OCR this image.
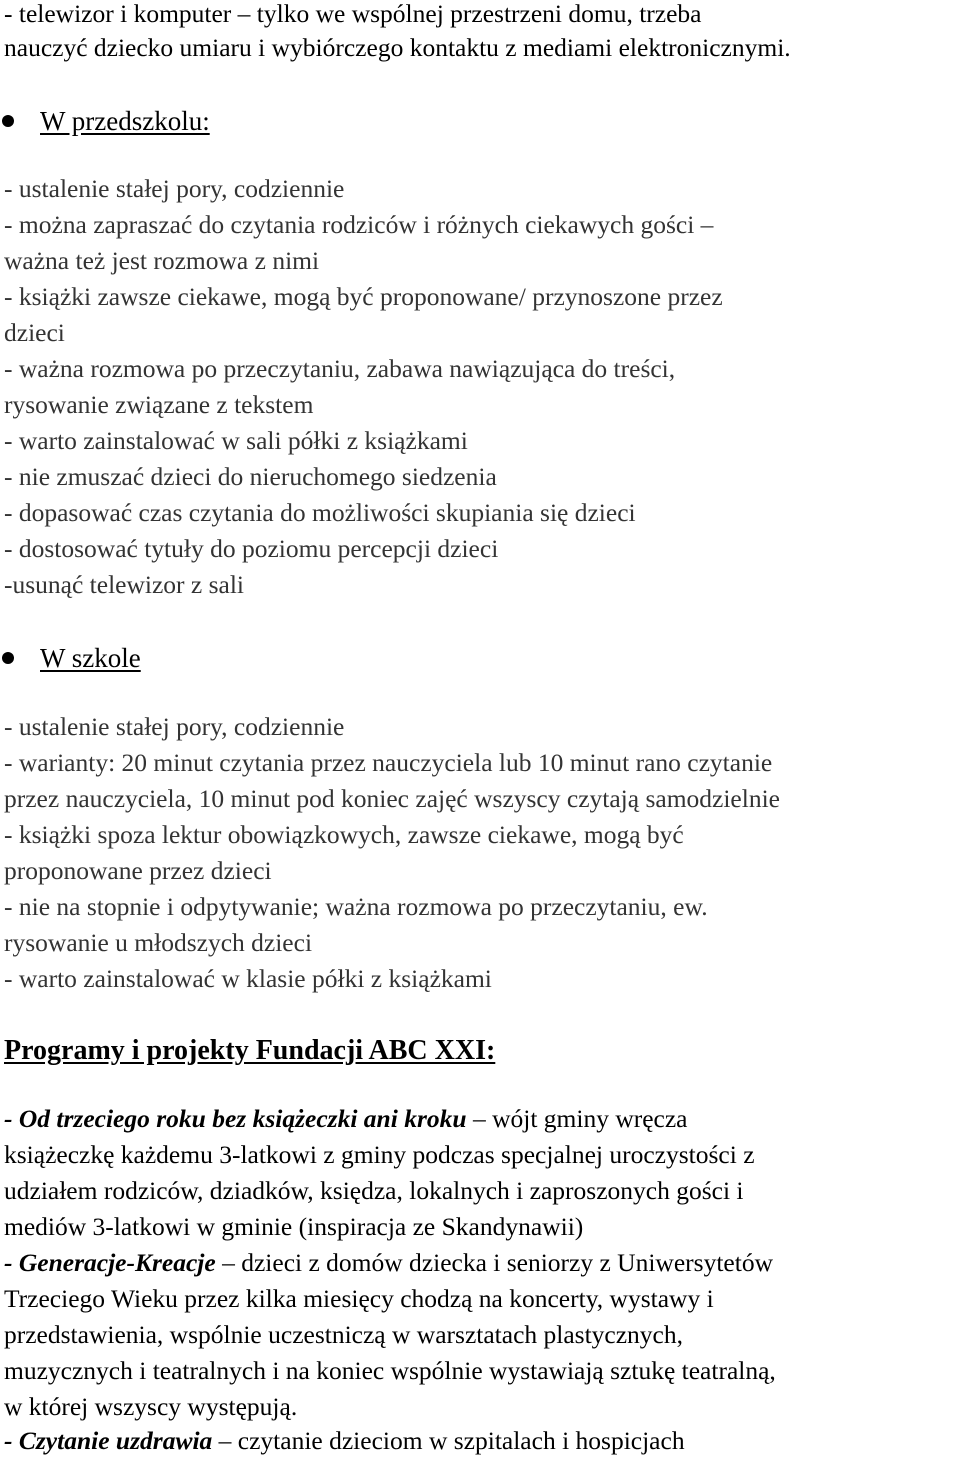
- telewizor i komputer – tylko we wspólnej przestrzeni domu, trzeba
nauczyć dziecko umiaru i wybiórczego kontaktu z mediami elektronicznymi.
W przedszkolu:
- ustalenie stałej pory, codziennie
- można zapraszać do czytania rodziców i różnych ciekawych gości –
ważna też jest rozmowa z nimi
- książki zawsze ciekawe, mogą być proponowane/ przynoszone przez
dzieci
- ważna rozmowa po przeczytaniu, zabawa nawiązująca do treści,
rysowanie związane z tekstem
- warto zainstalować w sali półki z książkami
- nie zmuszać dzieci do nieruchomego siedzenia
- dopasować czas czytania do możliwości skupiania się dzieci
- dostosować tytuły do poziomu percepcji dzieci
-usunąć telewizor z sali
W szkole
- ustalenie stałej pory, codziennie
- warianty: 20 minut czytania przez nauczyciela lub 10 minut rano czytanie
przez nauczyciela, 10 minut pod koniec zajęć wszyscy czytają samodzielnie
- książki spoza lektur obowiązkowych, zawsze ciekawe, mogą być
proponowane przez dzieci
- nie na stopnie i odpytywanie; ważna rozmowa po przeczytaniu, ew.
rysowanie u młodszych dzieci
- warto zainstalować w klasie półki z książkami
Programy i projekty Fundacji ABC XXI:
- Od trzeciego roku bez książeczki ani kroku – wójt gminy wręcza
książeczkę każdemu 3-latkowi z gminy podczas specjalnej uroczystości z
udziałem rodziców, dziadków, księdza, lokalnych i zaproszonych gości i
mediów 3-latkowi w gminie (inspiracja ze Skandynawii)
- Generacje-Kreacje – dzieci z domów dziecka i seniorzy z Uniwersytetów
Trzeciego Wieku przez kilka miesięcy chodzą na koncerty, wystawy i
przedstawienia, wspólnie uczestniczą w warsztatach plastycznych,
muzycznych i teatralnych i na koniec wspólnie wystawiają sztukę teatralną,
w której wszyscy występują.
- Czytanie uzdrawia – czytanie dzieciom w szpitalach i hospicjach
